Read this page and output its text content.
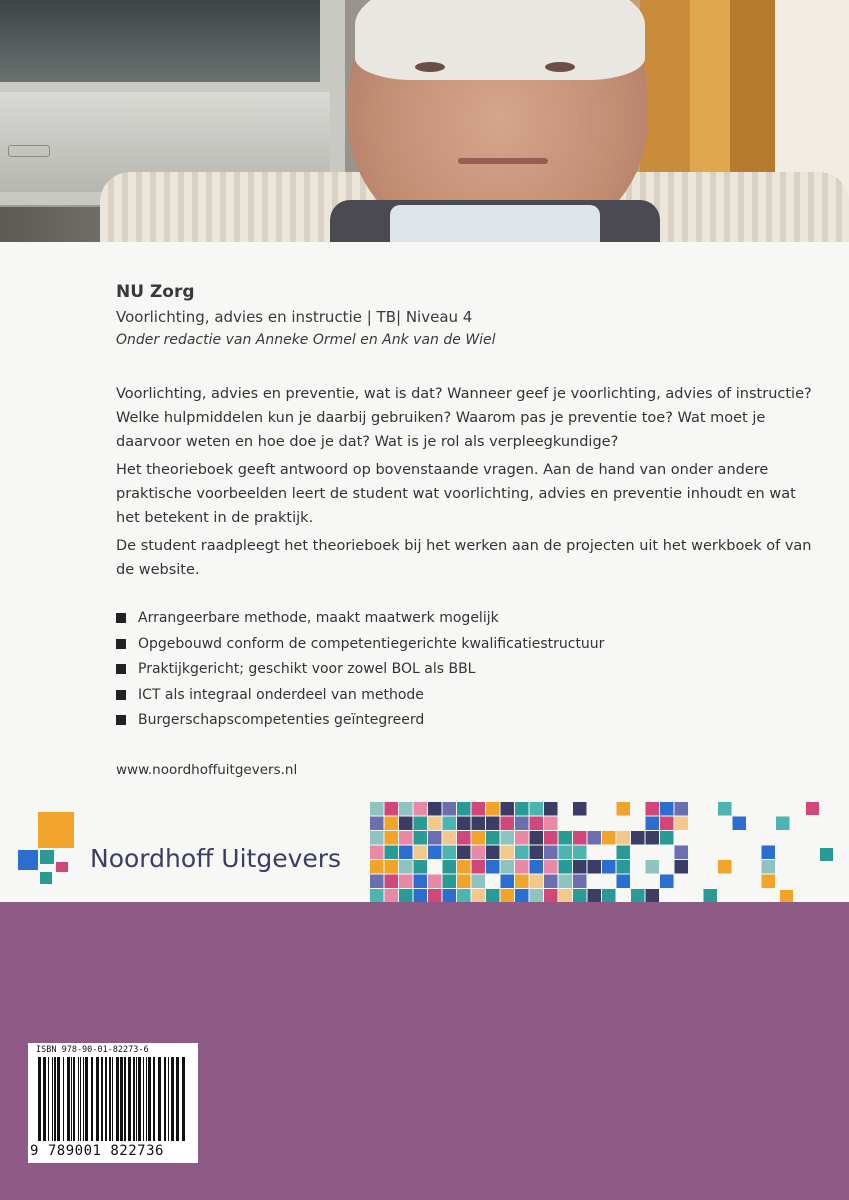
NU Zorg
Voorlichting, advies en instructie | TB| Niveau 4
Onder redactie van Anneke Ormel en Ank van de Wiel
Voorlichting, advies en preventie, wat is dat? Wanneer geef je voorlichting, advies of instructie? Welke hulpmiddelen kun je daarbij gebruiken? Waarom pas je preventie toe? Wat moet je daarvoor weten en hoe doe je dat? Wat is je rol als verpleegkundige?
Het theorieboek geeft antwoord op bovenstaande vragen. Aan de hand van onder andere praktische voorbeelden leert de student wat voorlichting, advies en preventie inhoudt en wat het betekent in de praktijk.
De student raadpleegt het theorieboek bij het werken aan de projecten uit het werkboek of van de website.
Arrangeerbare methode, maakt maatwerk mogelijk
Opgebouwd conform de competentiegerichte kwalificatiestructuur
Praktijkgericht; geschikt voor zowel BOL als BBL
ICT als integraal onderdeel van methode
Burgerschapscompetenties geïntegreerd
www.noordhoffuitgevers.nl
Noordhoff Uitgevers
ISBN 978-90-01-82273-6
9 789001 822736
